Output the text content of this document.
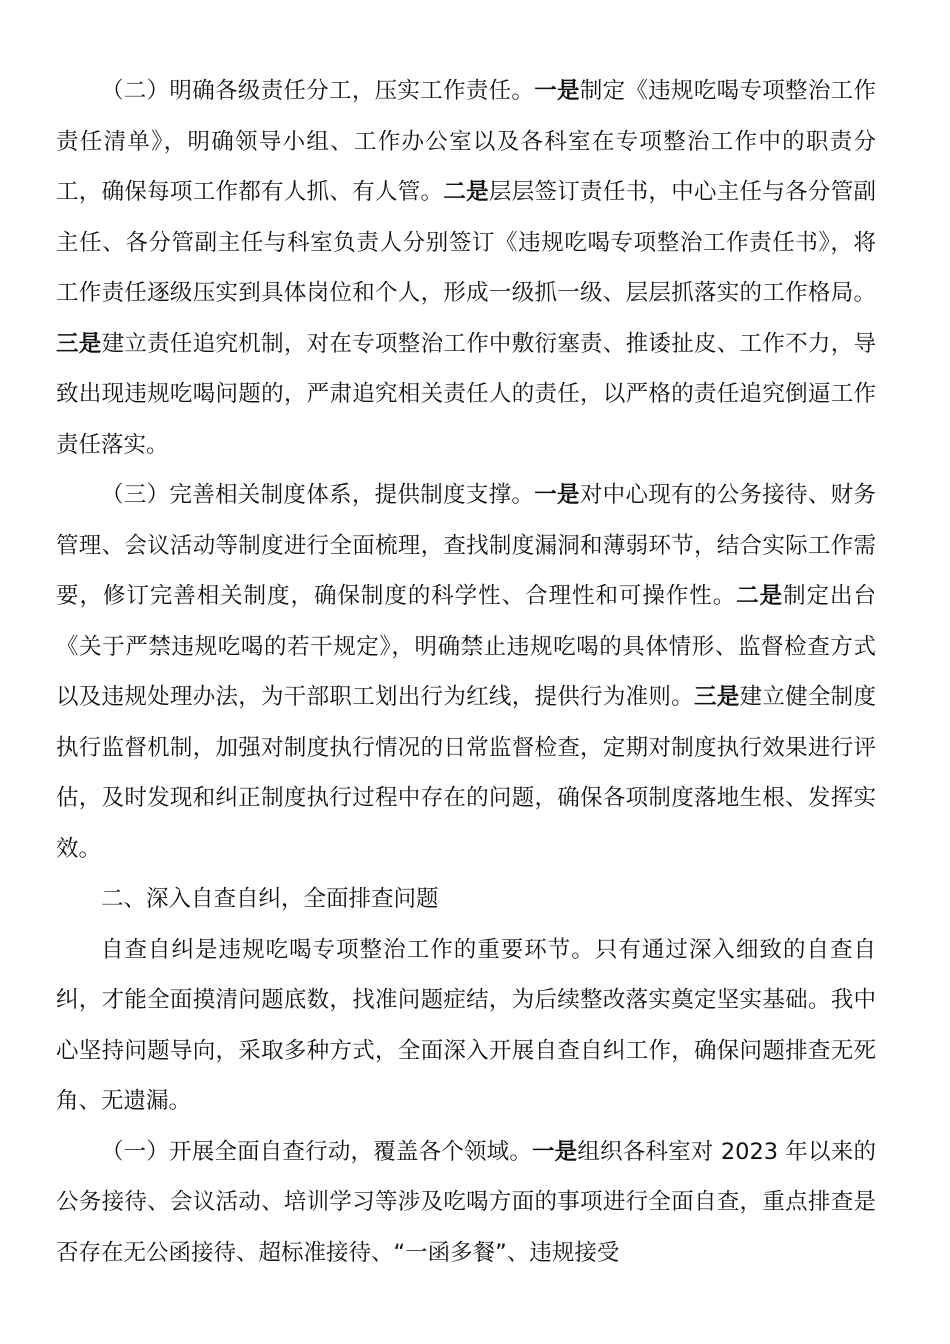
（二）明确各级责任分工，压实工作责任。一是制定《违规吃喝专项整治工作责任清单》，明确领导小组、工作办公室以及各科室在专项整治工作中的职责分工，确保每项工作都有人抓、有人管。二是层层签订责任书，中心主任与各分管副主任、各分管副主任与科室负责人分别签订《违规吃喝专项整治工作责任书》，将工作责任逐级压实到具体岗位和个人，形成一级抓一级、层层抓落实的工作格局。三是建立责任追究机制，对在专项整治工作中敷衍塞责、推诿扯皮、工作不力，导致出现违规吃喝问题的，严肃追究相关责任人的责任，以严格的责任追究倒逼工作责任落实。

（三）完善相关制度体系，提供制度支撑。一是对中心现有的公务接待、财务管理、会议活动等制度进行全面梳理，查找制度漏洞和薄弱环节，结合实际工作需要，修订完善相关制度，确保制度的科学性、合理性和可操作性。二是制定出台《关于严禁违规吃喝的若干规定》，明确禁止违规吃喝的具体情形、监督检查方式以及违规处理办法，为干部职工划出行为红线，提供行为准则。三是建立健全制度执行监督机制，加强对制度执行情况的日常监督检查，定期对制度执行效果进行评估，及时发现和纠正制度执行过程中存在的问题，确保各项制度落地生根、发挥实效。

二、深入自查自纠，全面排查问题

自查自纠是违规吃喝专项整治工作的重要环节。只有通过深入细致的自查自纠，才能全面摸清问题底数，找准问题症结，为后续整改落实奠定坚实基础。我中心坚持问题导向，采取多种方式，全面深入开展自查自纠工作，确保问题排查无死角、无遗漏。

（一）开展全面自查行动，覆盖各个领域。一是组织各科室对 2023 年以来的公务接待、会议活动、培训学习等涉及吃喝方面的事项进行全面自查，重点排查是否存在无公函接待、超标准接待、“一函多餐”、违规接受
